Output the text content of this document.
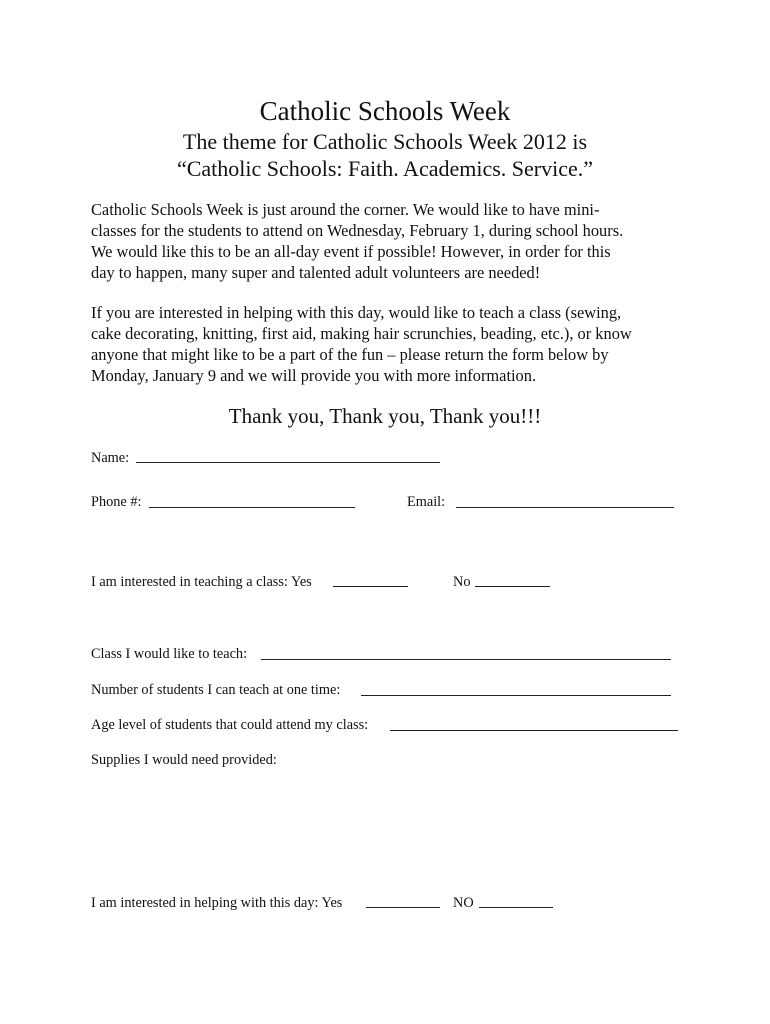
Catholic Schools Week
The theme for Catholic Schools Week 2012 is
“Catholic Schools: Faith. Academics. Service.”
Catholic Schools Week is just around the corner. We would like to have mini-
classes for the students to attend on Wednesday, February 1, during school hours.
We would like this to be an all-day event if possible! However, in order for this
day to happen, many super and talented adult volunteers are needed!
If you are interested in helping with this day, would like to teach a class (sewing,
cake decorating, knitting, first aid, making hair scrunchies, beading, etc.), or know
anyone that might like to be a part of the fun – please return the form below by
Monday, January 9 and we will provide you with more information.
Thank you, Thank you, Thank you!!!
Name:
Phone #:	Email:
I am interested in teaching a class: Yes	No
Class I would like to teach:
Number of students I can teach at one time:
Age level of students that could attend my class:
Supplies I would need provided:
I am interested in helping with this day: Yes	NO
